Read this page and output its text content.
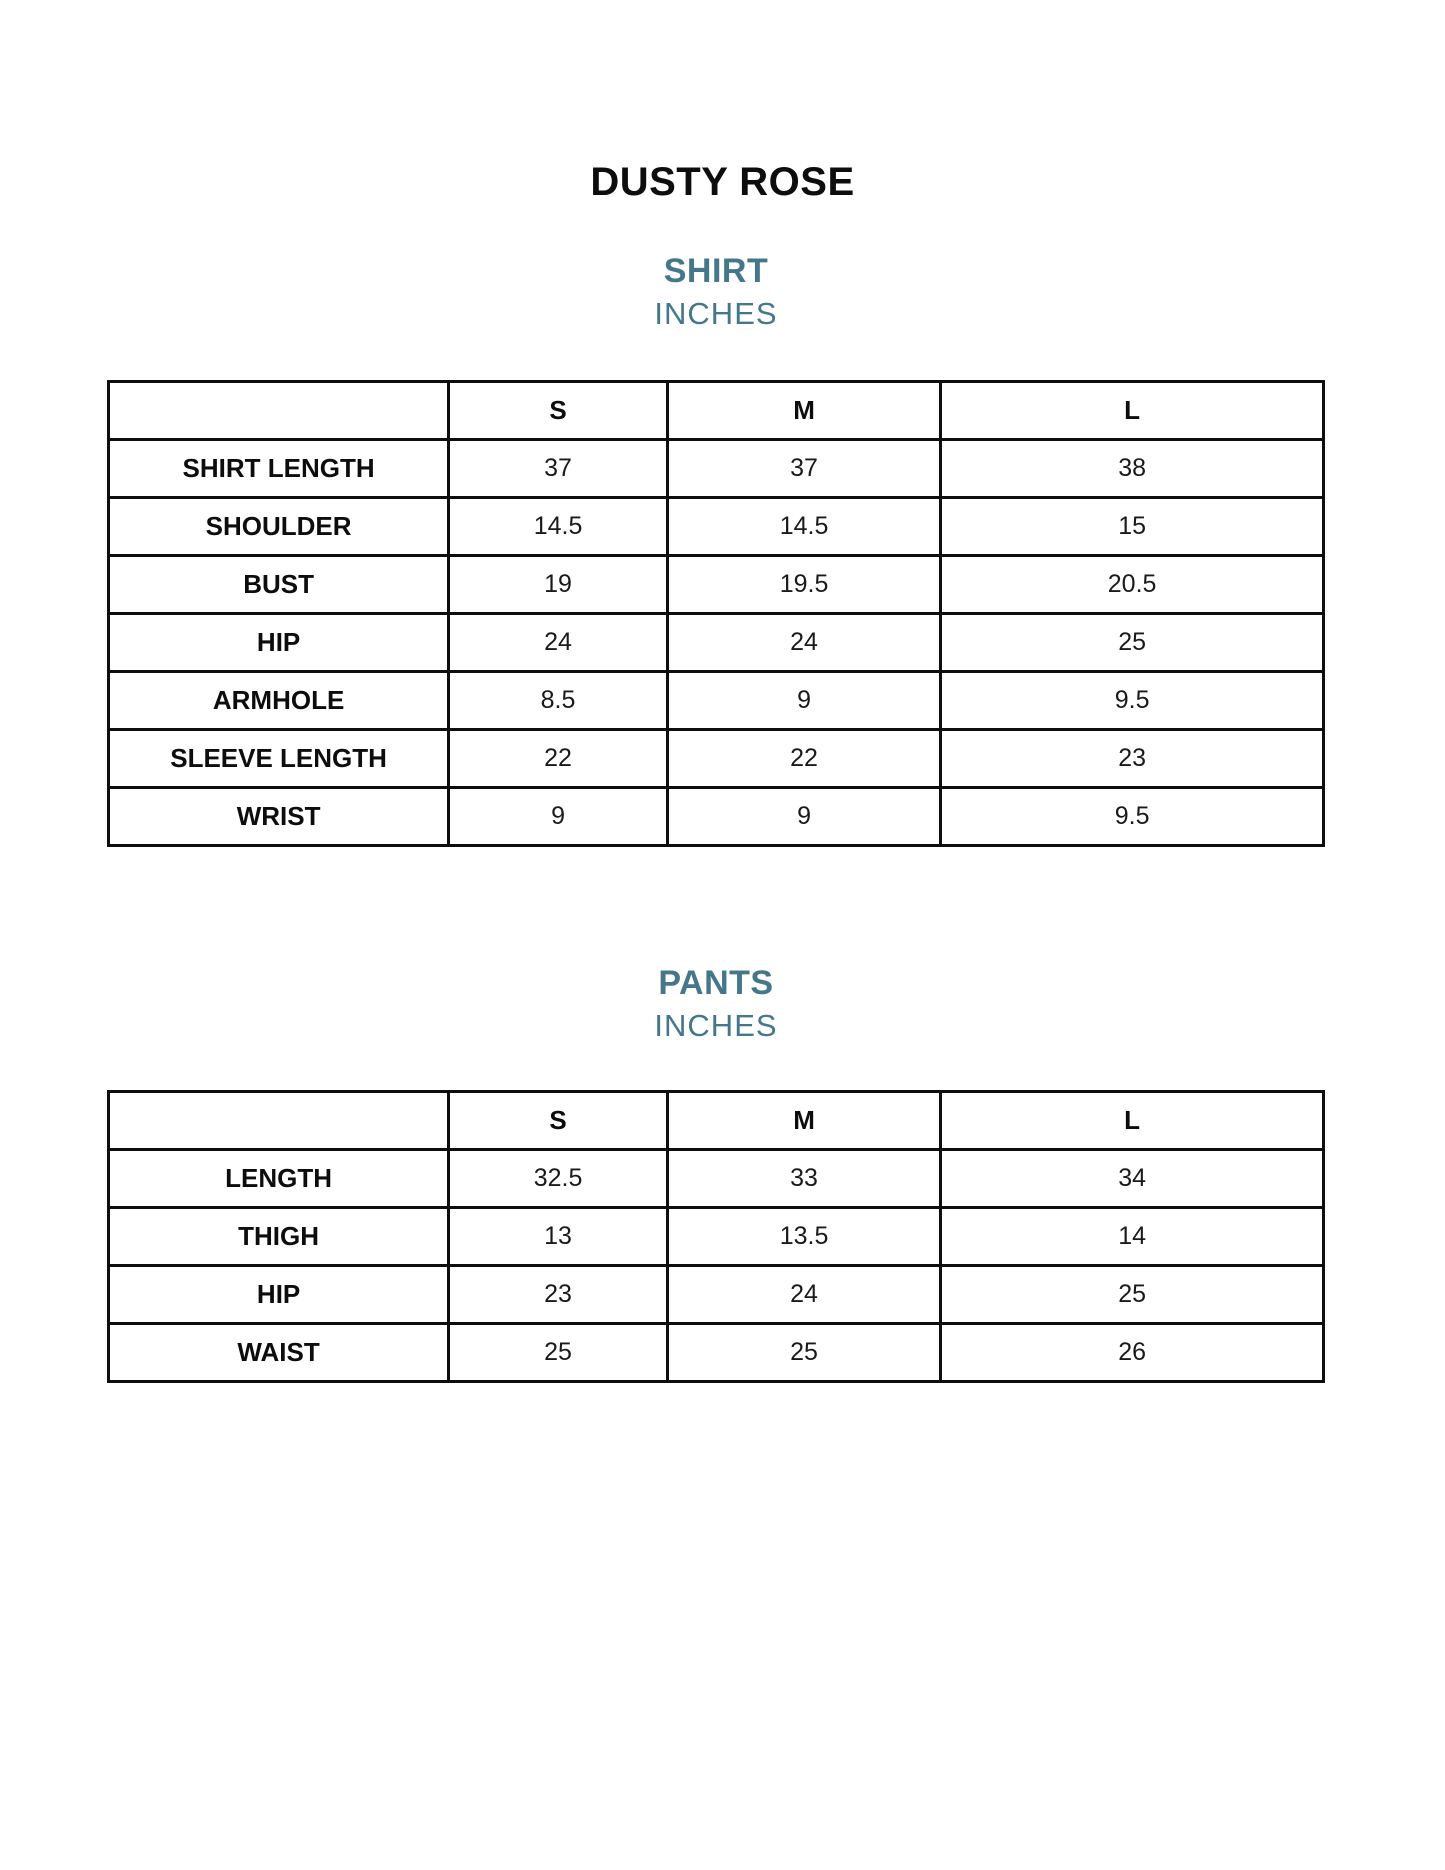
DUSTY ROSE
SHIRT
INCHES
	S	M	L
SHIRT LENGTH	37	37	38
SHOULDER	14.5	14.5	15
BUST	19	19.5	20.5
HIP	24	24	25
ARMHOLE	8.5	9	9.5
SLEEVE LENGTH	22	22	23
WRIST	9	9	9.5
PANTS
INCHES
	S	M	L
LENGTH	32.5	33	34
THIGH	13	13.5	14
HIP	23	24	25
WAIST	25	25	26
